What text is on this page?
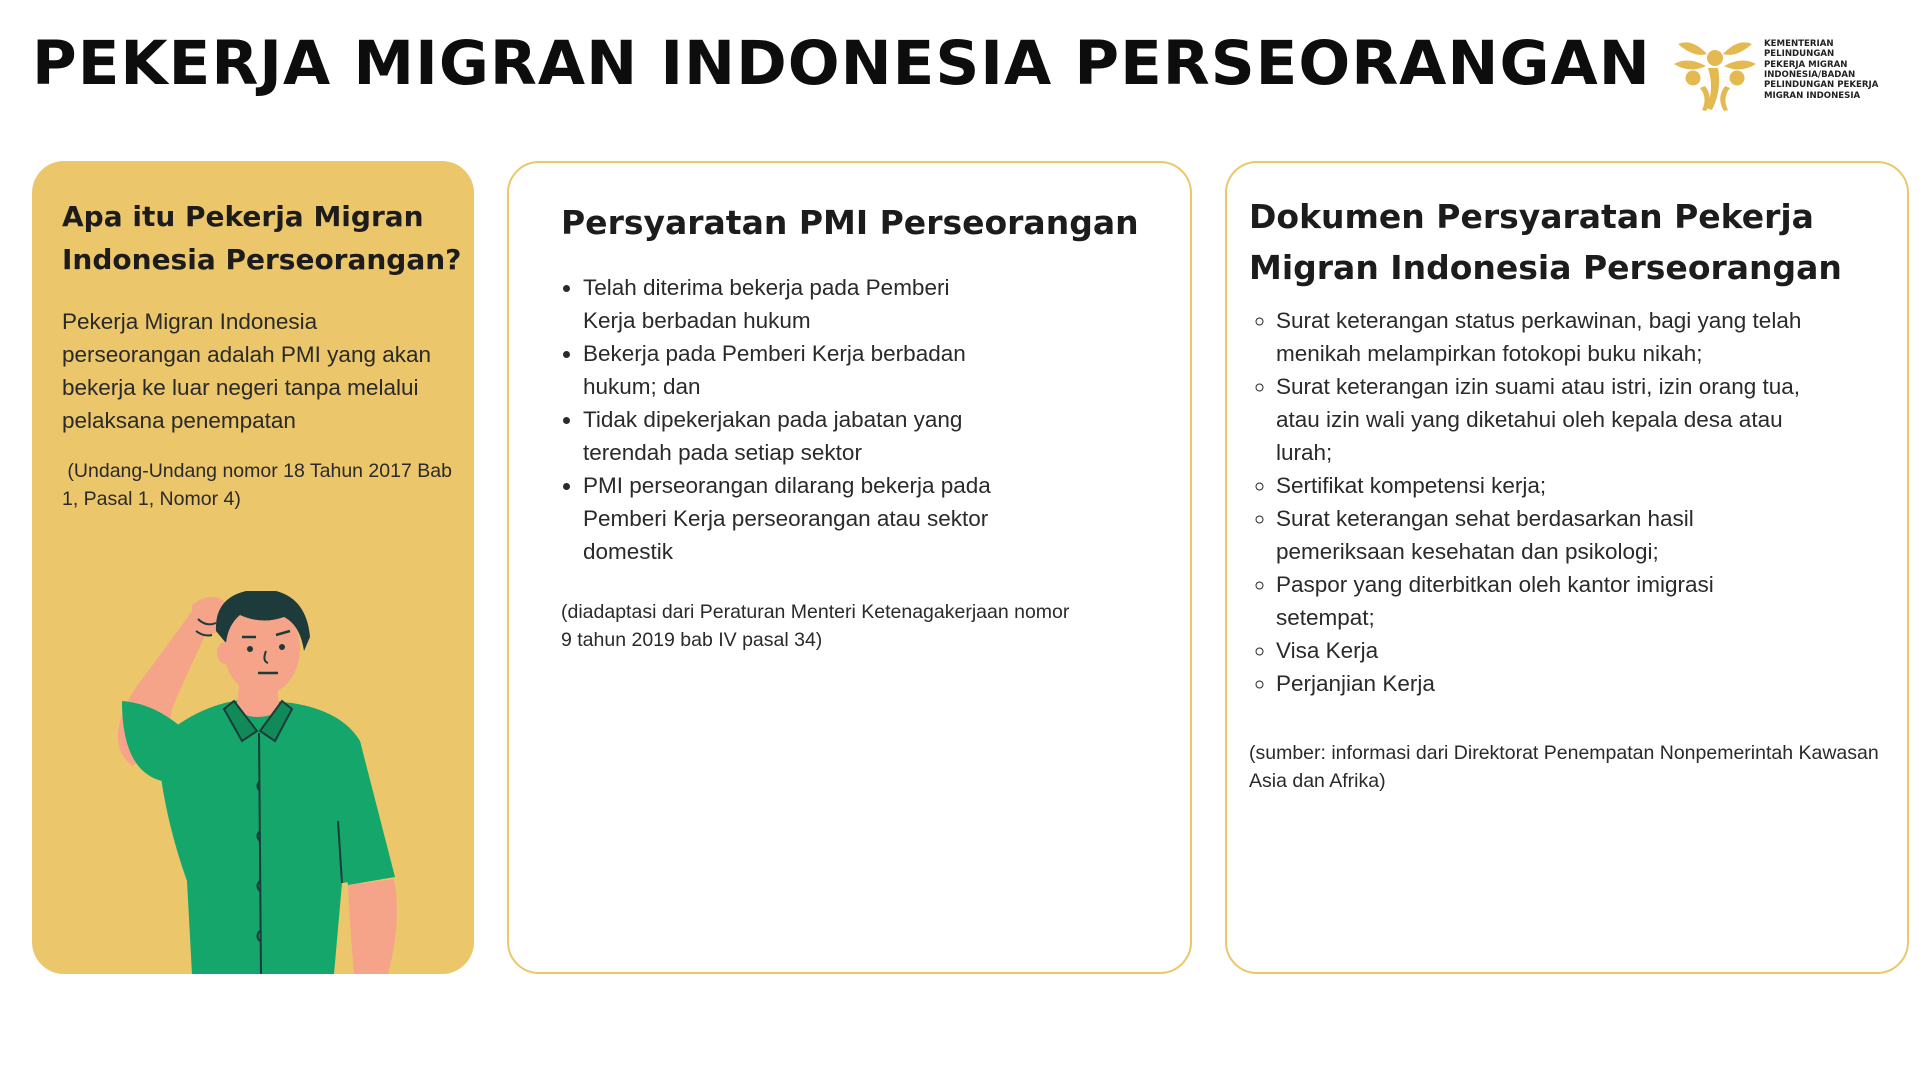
PEKERJA MIGRAN INDONESIA PERSEORANGAN	KEMENTERIAN
PELINDUNGAN
PEKERJA MIGRAN
INDONESIA/BADAN
PELINDUNGAN PEKERJA
MIGRAN INDONESIA
Apa itu Pekerja Migran Indonesia Perseorangan?

Pekerja Migran Indonesia perseorangan adalah PMI yang akan bekerja ke luar negeri tanpa melalui pelaksana penempatan

(Undang-Undang nomor 18 Tahun 2017 Bab 1, Pasal 1, Nomor 4)

Persyaratan PMI Perseorangan
• Telah diterima bekerja pada Pemberi Kerja berbadan hukum
• Bekerja pada Pemberi Kerja berbadan hukum; dan
• Tidak dipekerjakan pada jabatan yang terendah pada setiap sektor
• PMI perseorangan dilarang bekerja pada Pemberi Kerja perseorangan atau sektor domestik

(diadaptasi dari Peraturan Menteri Ketenagakerjaan nomor 9 tahun 2019 bab IV pasal 34)

Dokumen Persyaratan Pekerja Migran Indonesia Perseorangan
◦ Surat keterangan status perkawinan, bagi yang telah menikah melampirkan fotokopi buku nikah;
◦ Surat keterangan izin suami atau istri, izin orang tua, atau izin wali yang diketahui oleh kepala desa atau lurah;
◦ Sertifikat kompetensi kerja;
◦ Surat keterangan sehat berdasarkan hasil pemeriksaan kesehatan dan psikologi;
◦ Paspor yang diterbitkan oleh kantor imigrasi setempat;
◦ Visa Kerja
◦ Perjanjian Kerja

(sumber: informasi dari Direktorat Penempatan Nonpemerintah Kawasan Asia dan Afrika)
